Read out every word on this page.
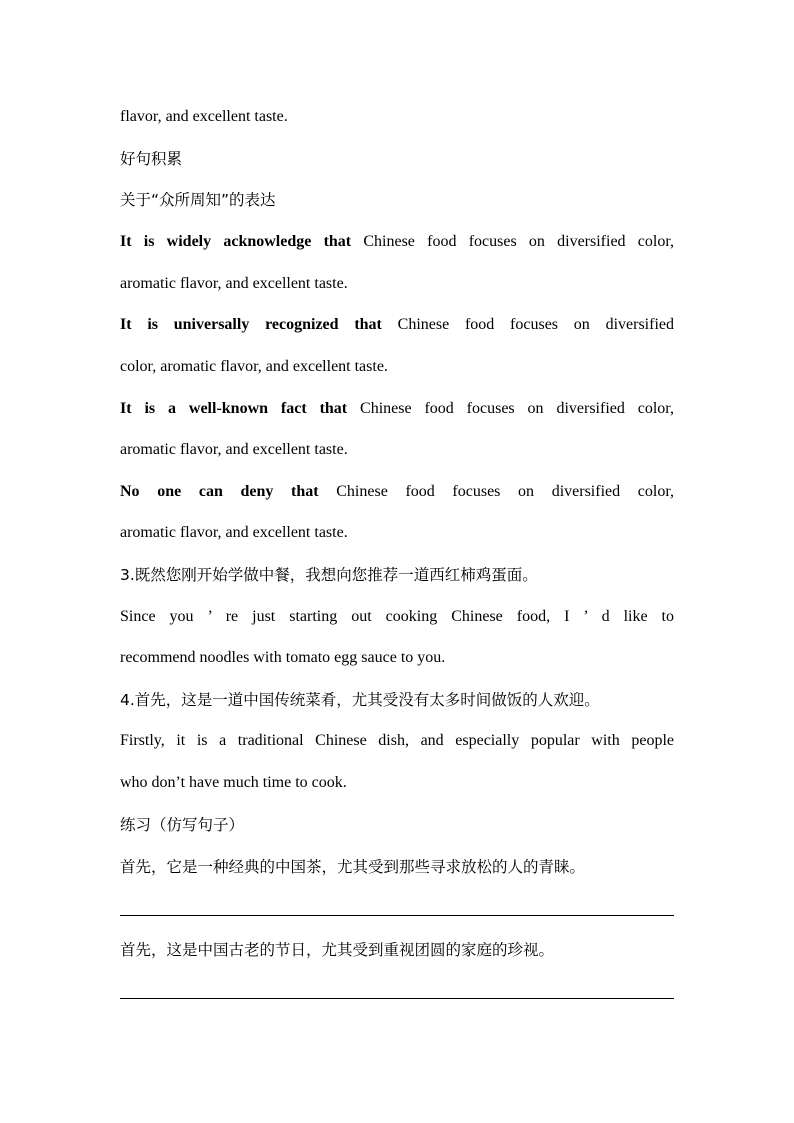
flavor, and excellent taste.
好句积累
关于“众所周知”的表达
It is widely acknowledge that Chinese food focuses on diversified color,
aromatic flavor, and excellent taste.
It is universally recognized that Chinese food focuses on diversified
color, aromatic flavor, and excellent taste.
It is a well-known fact that Chinese food focuses on diversified color,
aromatic flavor, and excellent taste.
No one can deny that Chinese food focuses on diversified color,
aromatic flavor, and excellent taste.
3.既然您刚开始学做中餐，我想向您推荐一道西红柿鸡蛋面。
Since you ’ re just starting out cooking Chinese food, I ’ d like to
recommend noodles with tomato egg sauce to you.
4.首先，这是一道中国传统菜肴，尤其受没有太多时间做饭的人欢迎。
Firstly, it is a traditional Chinese dish, and especially popular with people
who don’t have much time to cook.
练习（仿写句子）
首先，它是一种经典的中国茶，尤其受到那些寻求放松的人的青睐。
首先，这是中国古老的节日，尤其受到重视团圆的家庭的珍视。
